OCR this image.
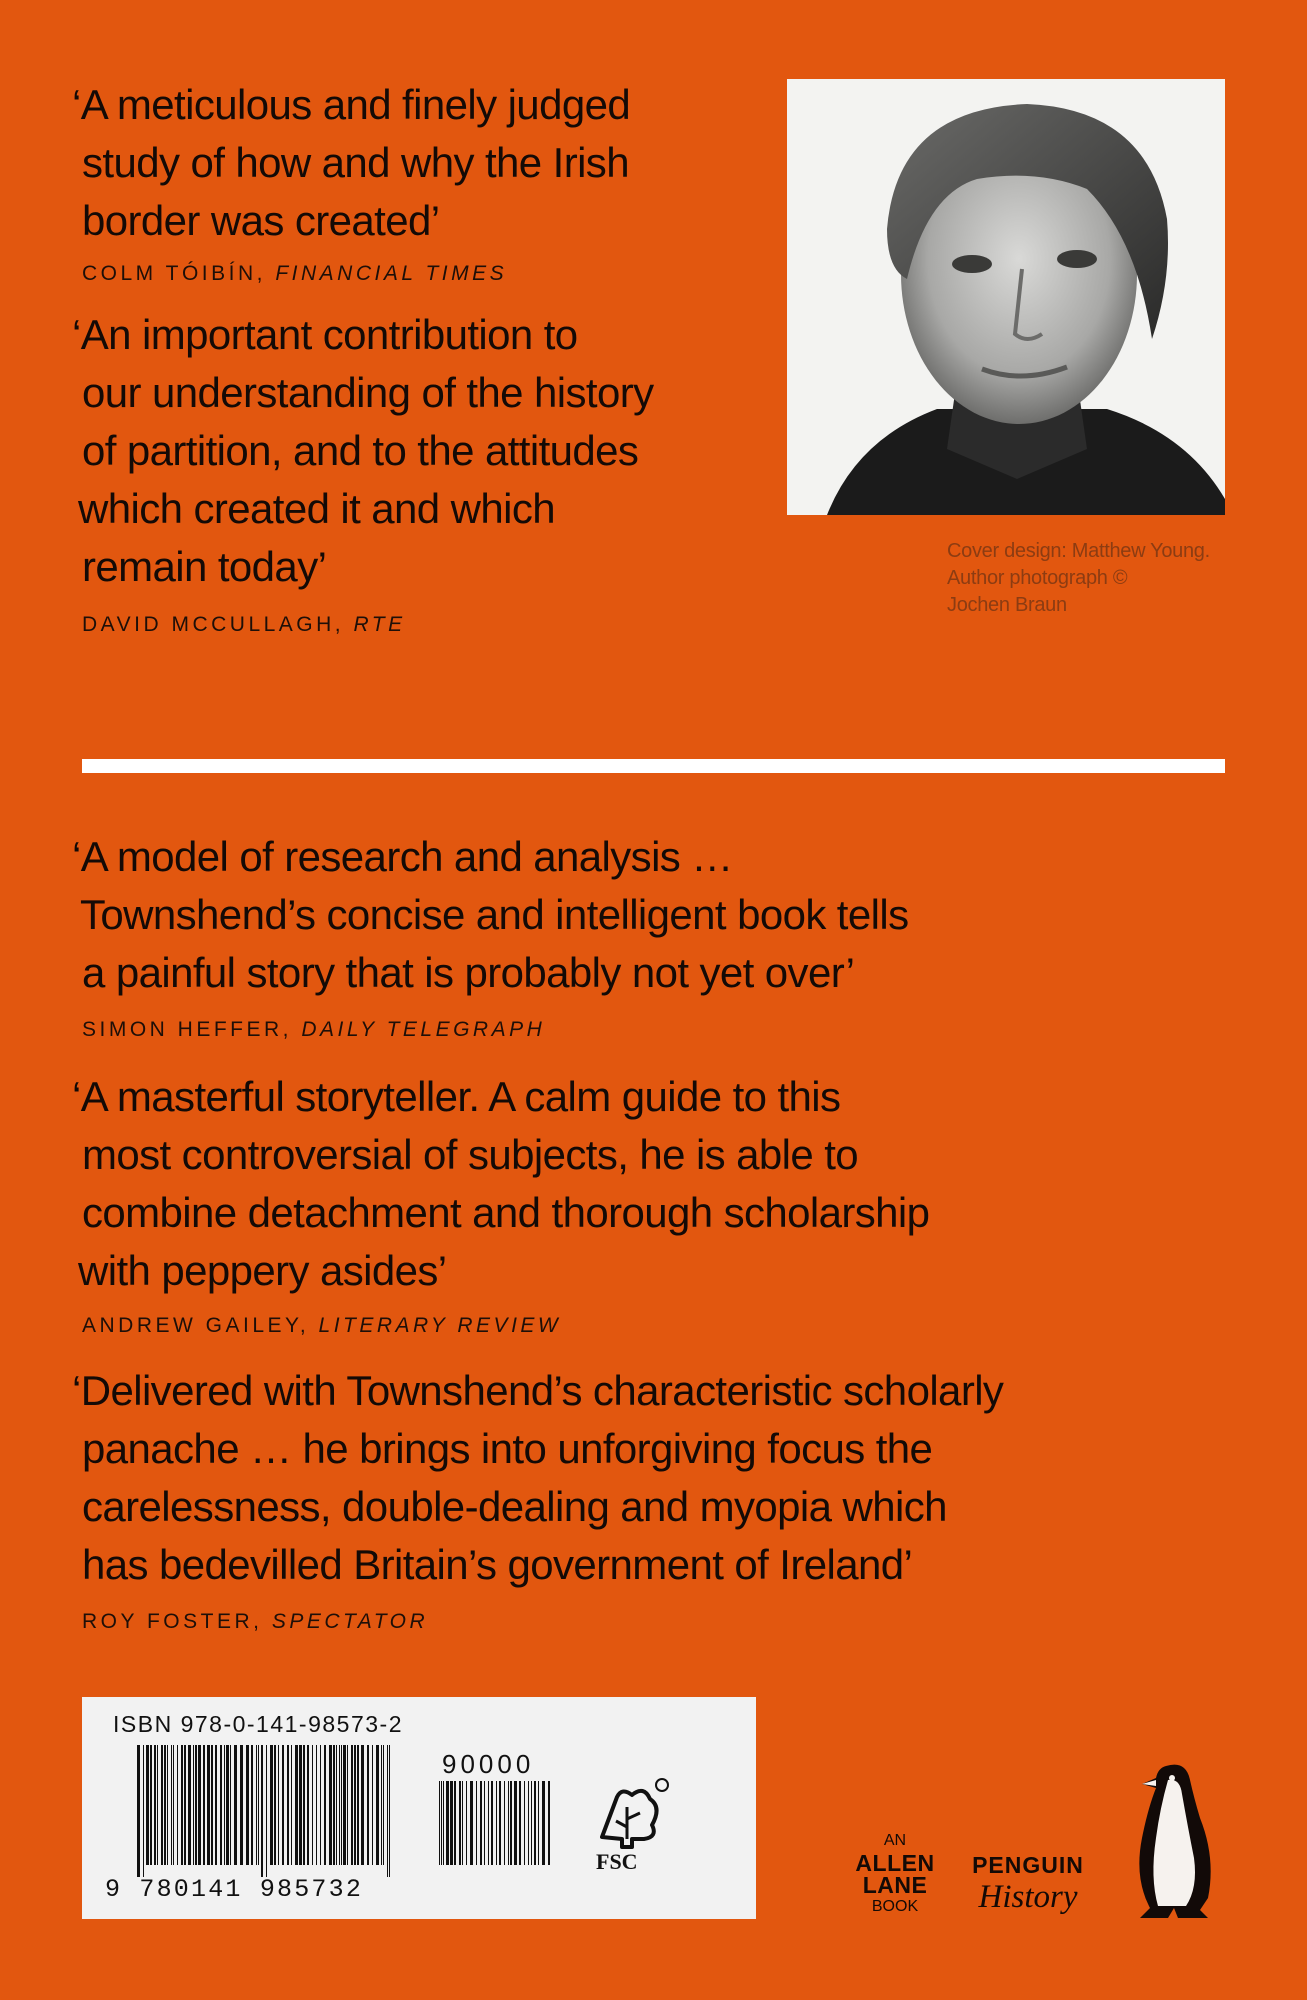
‘A meticulous and finely judged
study of how and why the Irish
border was created’
COLM TÓIBÍN, FINANCIAL TIMES
‘An important contribution to
our understanding of the history
of partition, and to the attitudes
which created it and which
remain today’
DAVID MCCULLAGH, RTE
Cover design: Matthew Young.
Author photograph ©
Jochen Braun
‘A model of research and analysis …
Townshend’s concise and intelligent book tells
a painful story that is probably not yet over’
SIMON HEFFER, DAILY TELEGRAPH
‘A masterful storyteller. A calm guide to this
most controversial of subjects, he is able to
combine detachment and thorough scholarship
with peppery asides’
ANDREW GAILEY, LITERARY REVIEW
‘Delivered with Townshend’s characteristic scholarly
panache … he brings into unforgiving focus the
carelessness, double-dealing and myopia which
has bedevilled Britain’s government of Ireland’
ROY FOSTER, SPECTATOR
ISBN 978-0-141-98573-2
90000
9 780141 985732
FSC
AN
ALLEN
LANE
BOOK
PENGUIN
History
